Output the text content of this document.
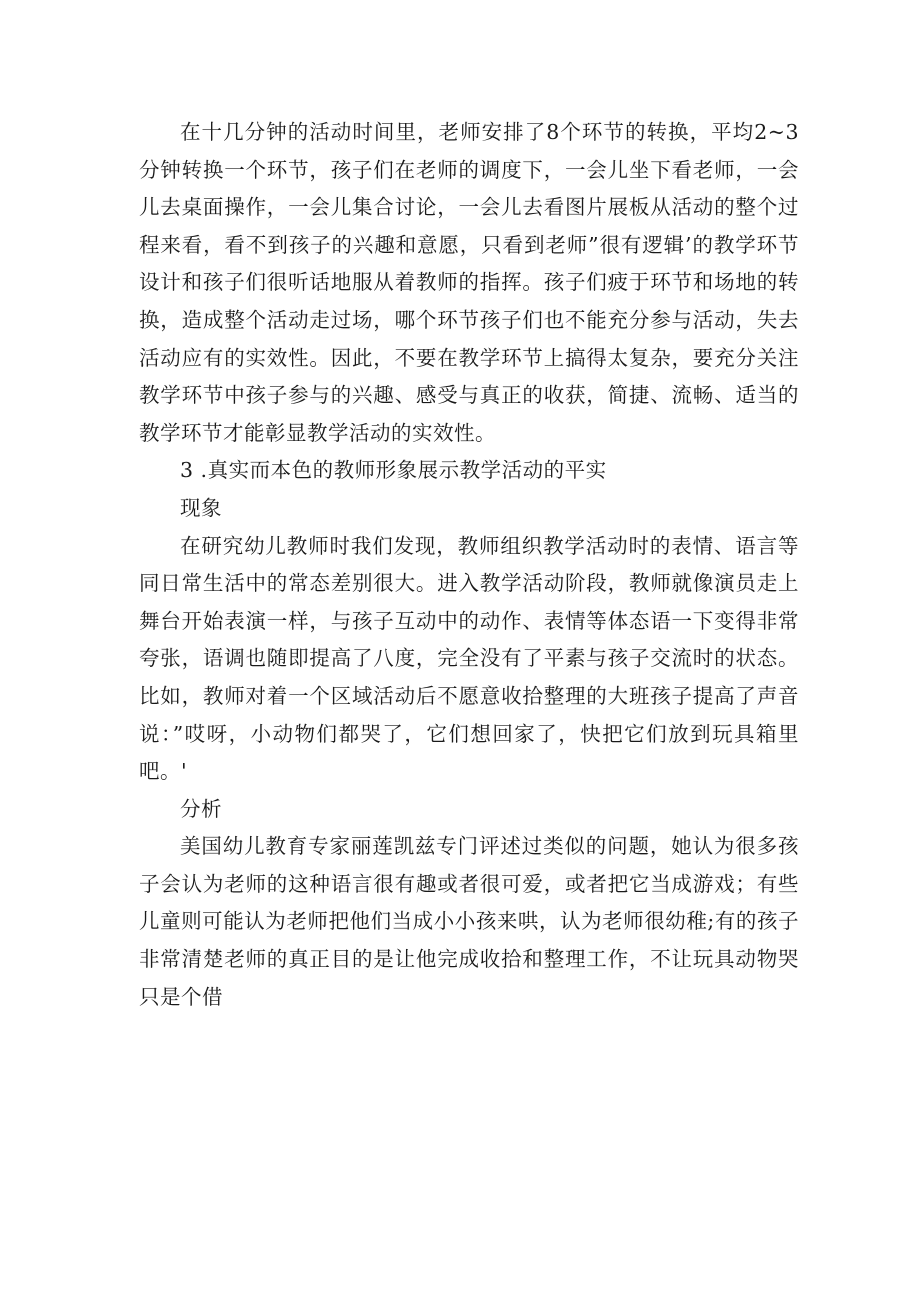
在十几分钟的活动时间里，老师安排了8个环节的转换，平均2~3分钟转换一个环节，孩子们在老师的调度下，一会儿坐下看老师，一会儿去桌面操作，一会儿集合讨论，一会儿去看图片展板从活动的整个过程来看，看不到孩子的兴趣和意愿，只看到老师”很有逻辑’的教学环节设计和孩子们很听话地服从着教师的指挥。孩子们疲于环节和场地的转换，造成整个活动走过场，哪个环节孩子们也不能充分参与活动，失去活动应有的实效性。因此，不要在教学环节上搞得太复杂，要充分关注教学环节中孩子参与的兴趣、感受与真正的收获，简捷、流畅、适当的教学环节才能彰显教学活动的实效性。

3 .真实而本色的教师形象展示教学活动的平实

现象

在研究幼儿教师时我们发现，教师组织教学活动时的表情、语言等同日常生活中的常态差别很大。进入教学活动阶段，教师就像演员走上舞台开始表演一样，与孩子互动中的动作、表情等体态语一下变得非常夸张，语调也随即提高了八度，完全没有了平素与孩子交流时的状态。比如，教师对着一个区域活动后不愿意收拾整理的大班孩子提高了声音说：”哎呀，小动物们都哭了，它们想回家了，快把它们放到玩具箱里吧。'

分析

美国幼儿教育专家丽莲凯兹专门评述过类似的问题，她认为很多孩子会认为老师的这种语言很有趣或者很可爱，或者把它当成游戏；有些儿童则可能认为老师把他们当成小小孩来哄，认为老师很幼稚;有的孩子非常清楚老师的真正目的是让他完成收拾和整理工作，不让玩具动物哭只是个借
